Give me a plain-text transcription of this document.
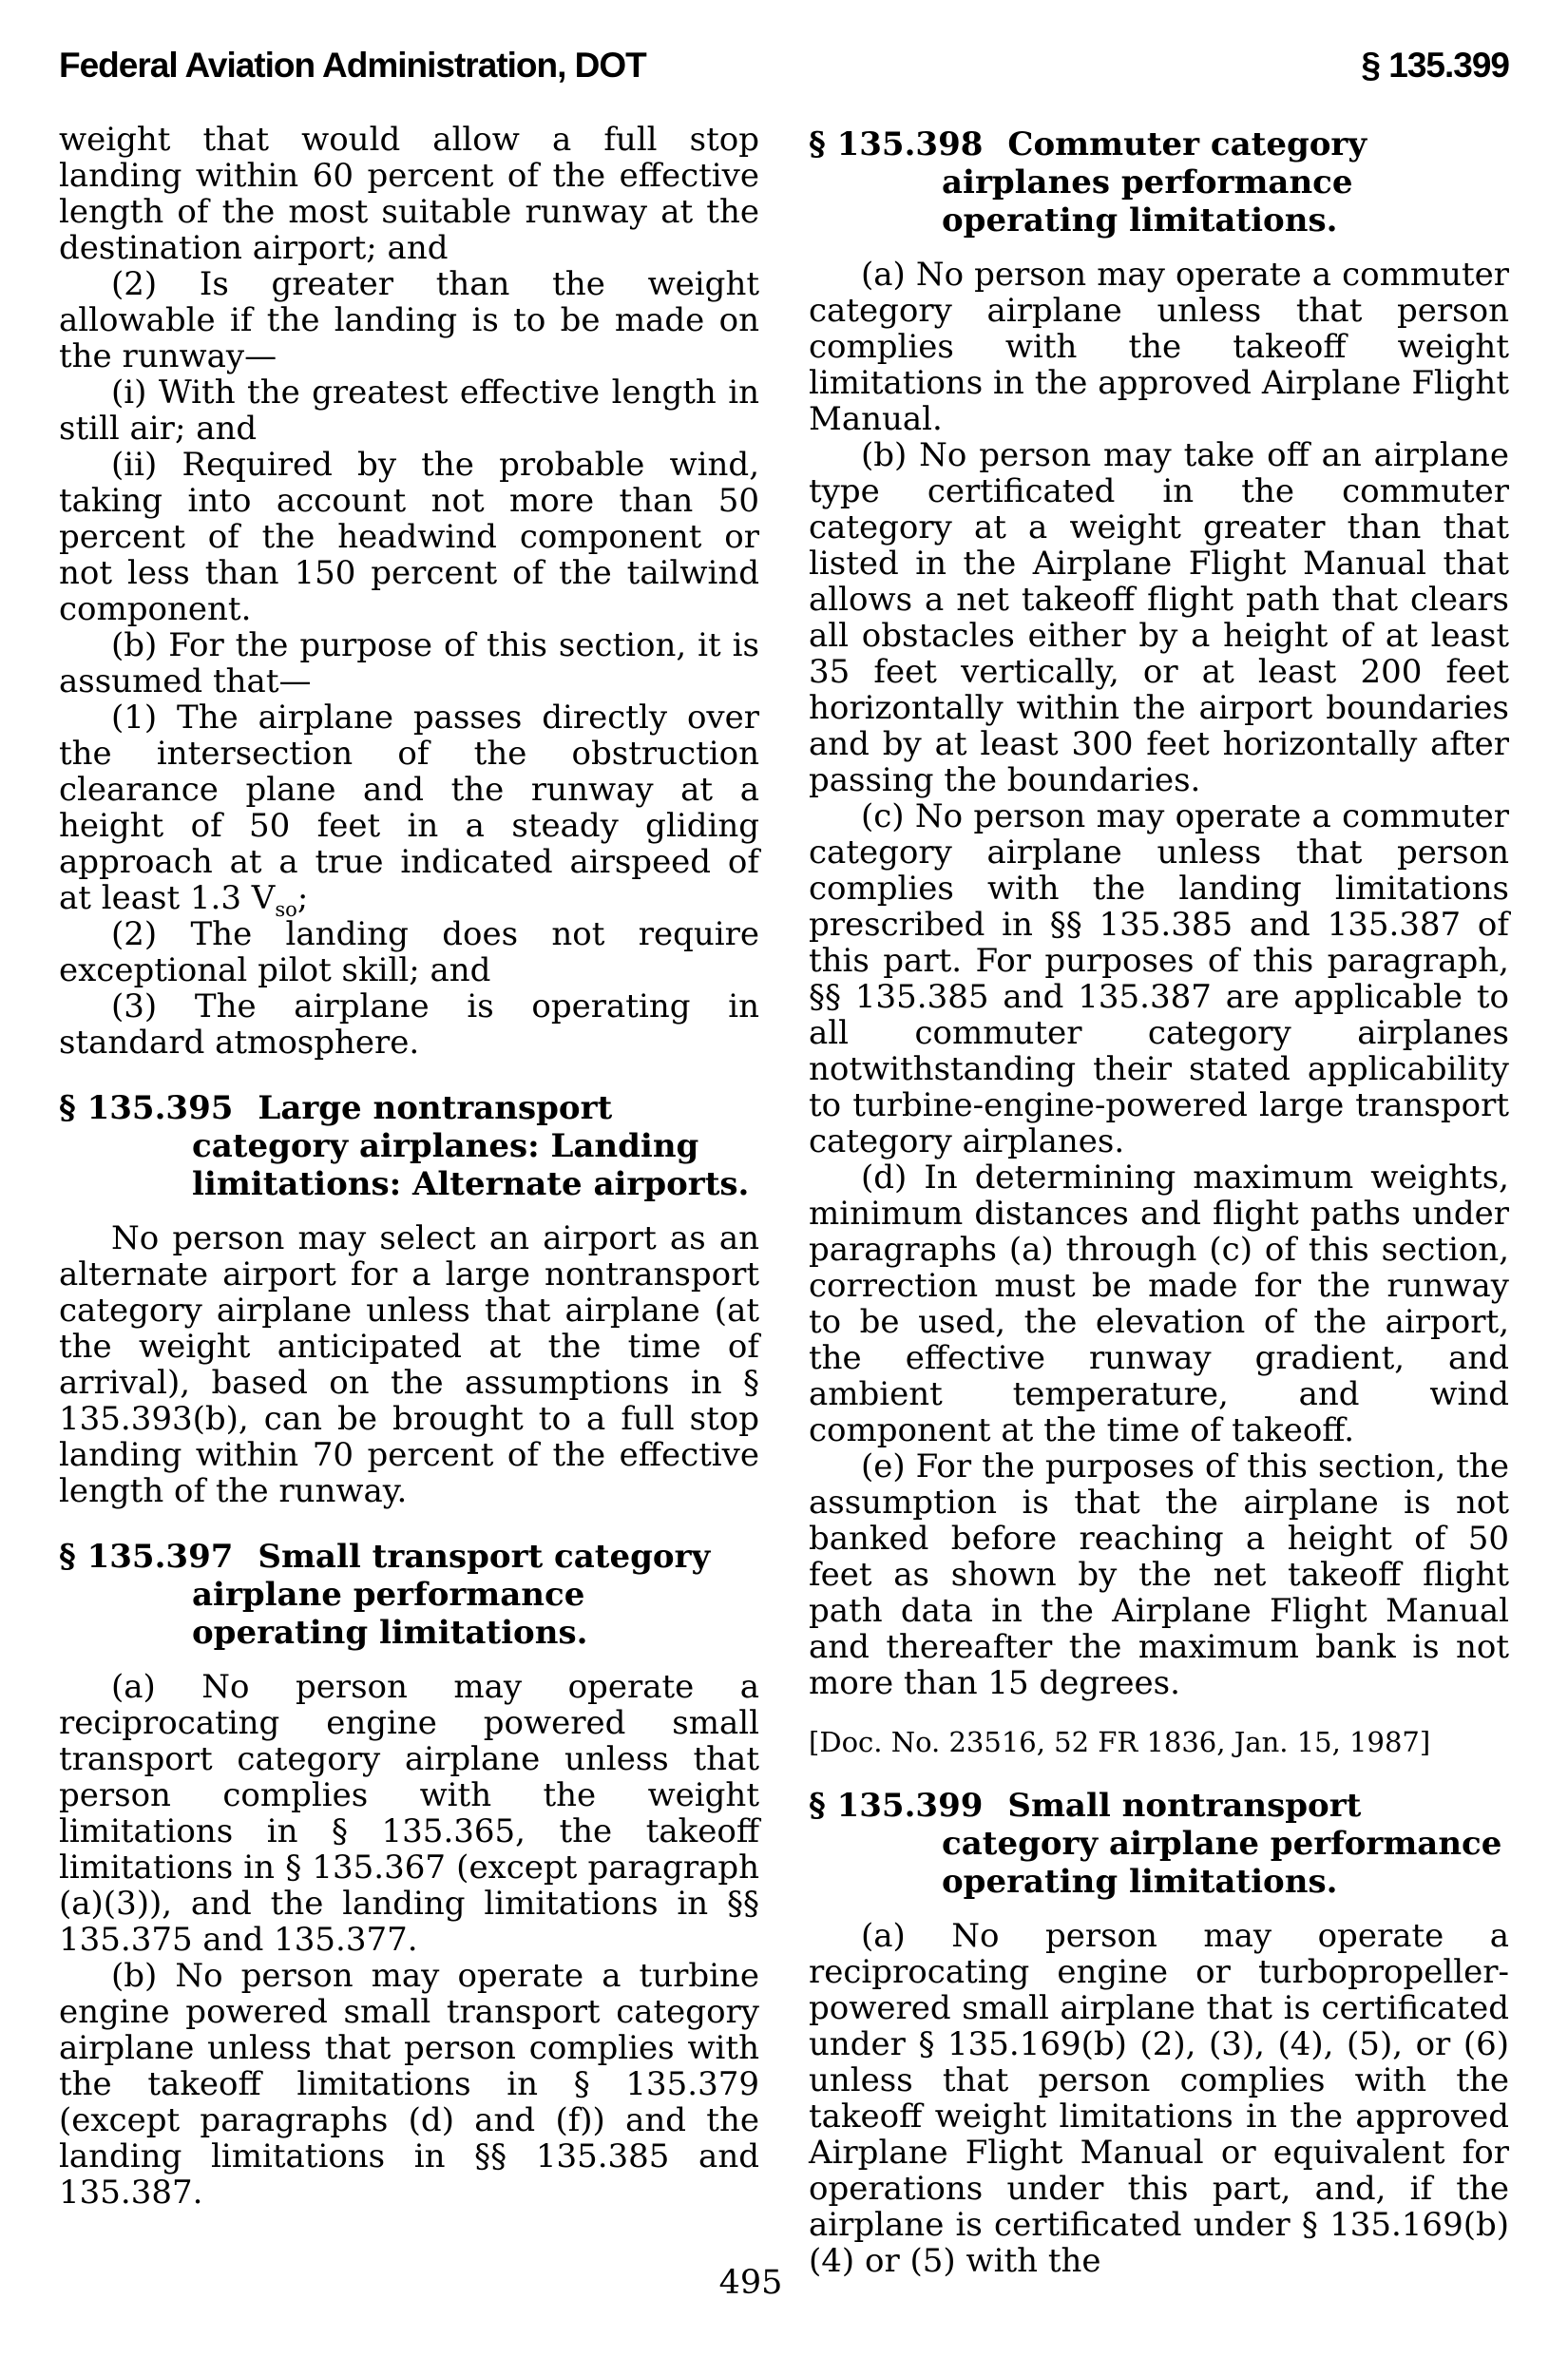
Federal Aviation Administration, DOT	§ 135.399

weight that would allow a full stop landing within 60 percent of the effective length of the most suitable runway at the destination airport; and

(2) Is greater than the weight allowable if the landing is to be made on the runway—

(i) With the greatest effective length in still air; and

(ii) Required by the probable wind, taking into account not more than 50 percent of the headwind component or not less than 150 percent of the tailwind component.

(b) For the purpose of this section, it is assumed that—

(1) The airplane passes directly over the intersection of the obstruction clearance plane and the runway at a height of 50 feet in a steady gliding approach at a true indicated airspeed of at least 1.3 $V_{so}$;

(2) The landing does not require exceptional pilot skill; and

(3) The airplane is operating in standard atmosphere.

§ 135.395 Large nontransport category airplanes: Landing limitations: Alternate airports.

No person may select an airport as an alternate airport for a large nontransport category airplane unless that airplane (at the weight anticipated at the time of arrival), based on the assumptions in § 135.393(b), can be brought to a full stop landing within 70 percent of the effective length of the runway.

§ 135.397 Small transport category airplane performance operating limitations.

(a) No person may operate a reciprocating engine powered small transport category airplane unless that person complies with the weight limitations in § 135.365, the takeoff limitations in § 135.367 (except paragraph (a)(3)), and the landing limitations in §§ 135.375 and 135.377.

(b) No person may operate a turbine engine powered small transport category airplane unless that person complies with the takeoff limitations in § 135.379 (except paragraphs (d) and (f)) and the landing limitations in §§ 135.385 and 135.387.

§ 135.398 Commuter category airplanes performance operating limitations.

(a) No person may operate a commuter category airplane unless that person complies with the takeoff weight limitations in the approved Airplane Flight Manual.

(b) No person may take off an airplane type certificated in the commuter category at a weight greater than that listed in the Airplane Flight Manual that allows a net takeoff flight path that clears all obstacles either by a height of at least 35 feet vertically, or at least 200 feet horizontally within the airport boundaries and by at least 300 feet horizontally after passing the boundaries.

(c) No person may operate a commuter category airplane unless that person complies with the landing limitations prescribed in §§ 135.385 and 135.387 of this part. For purposes of this paragraph, §§ 135.385 and 135.387 are applicable to all commuter category airplanes notwithstanding their stated applicability to turbine-engine-powered large transport category airplanes.

(d) In determining maximum weights, minimum distances and flight paths under paragraphs (a) through (c) of this section, correction must be made for the runway to be used, the elevation of the airport, the effective runway gradient, and ambient temperature, and wind component at the time of takeoff.

(e) For the purposes of this section, the assumption is that the airplane is not banked before reaching a height of 50 feet as shown by the net takeoff flight path data in the Airplane Flight Manual and thereafter the maximum bank is not more than 15 degrees.

[Doc. No. 23516, 52 FR 1836, Jan. 15, 1987]

§ 135.399 Small nontransport category airplane performance operating limitations.

(a) No person may operate a reciprocating engine or turbopropeller-powered small airplane that is certificated under § 135.169(b) (2), (3), (4), (5), or (6) unless that person complies with the takeoff weight limitations in the approved Airplane Flight Manual or equivalent for operations under this part, and, if the airplane is certificated under § 135.169(b) (4) or (5) with the

495
